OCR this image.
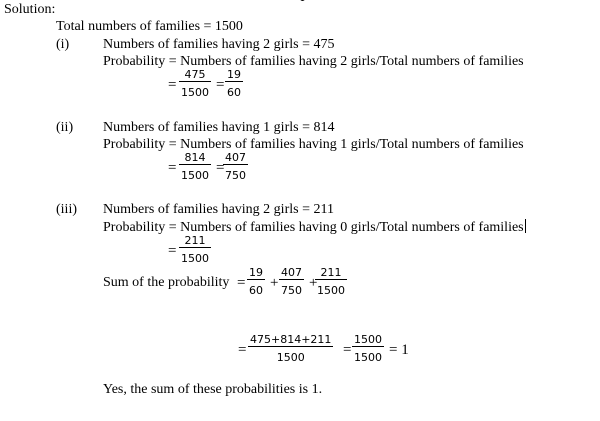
Solution:
Total numbers of families = 1500
(i) Numbers of families having 2 girls = 475
Probability = Numbers of families having 2 girls/Total numbers of families
= $\frac{475}{1500} = \frac{19}{60}$
(ii) Numbers of families having 1 girls = 814
Probability = Numbers of families having 1 girls/Total numbers of families
= $\frac{814}{1500}$ =
$\frac{407}{750}$
(iii) Numbers of families having 2 girls = 211
Probability = Numbers of families having 0 girls/Total numbers of families
= $\frac{211}{1500}$
Sum of the probability = $\frac{19}{60} + \frac{407}{750}$ +
$\frac{211}{1500}$
= $\frac{475+814+211}{1500} = \frac{1500}{1500} = 1$
Yes, the sum of these probabilities is 1.
